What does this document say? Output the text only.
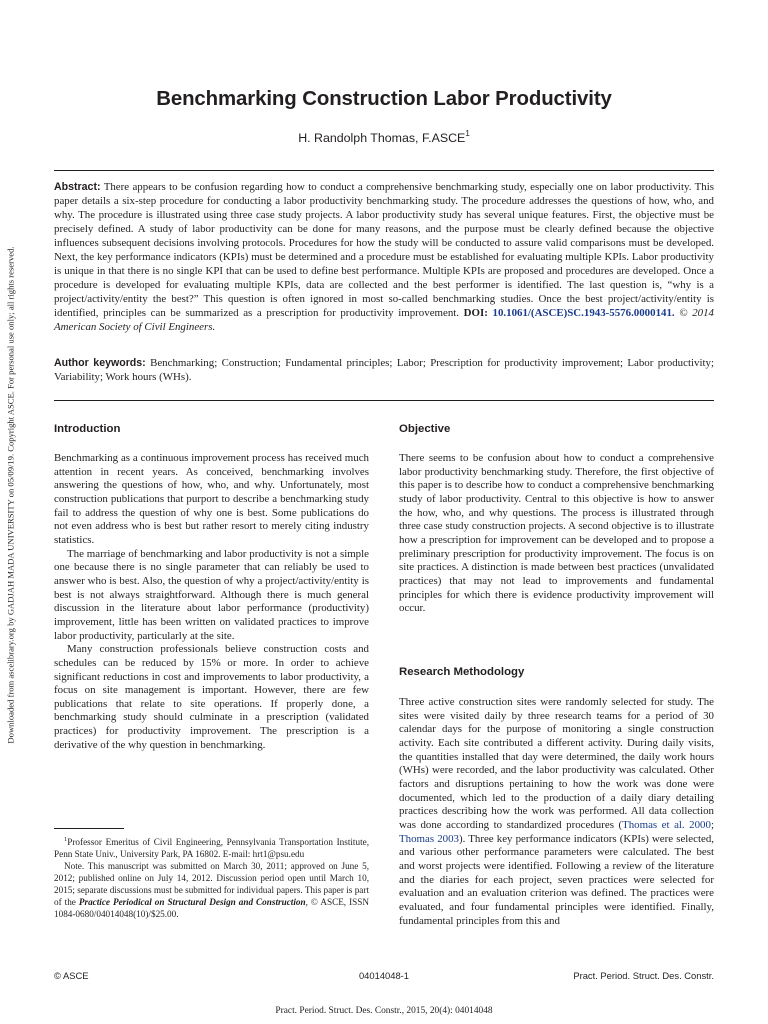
Downloaded from ascelibrary.org by GADJAH MADA UNIVERSITY on 05/09/19. Copyright ASCE. For personal use only; all rights reserved.
Benchmarking Construction Labor Productivity
H. Randolph Thomas, F.ASCE$^1$
Abstract: There appears to be confusion regarding how to conduct a comprehensive benchmarking study, especially one on labor productivity. This paper details a six-step procedure for conducting a labor productivity benchmarking study. The procedure addresses the questions of how, who, and why. The procedure is illustrated using three case study projects. A labor productivity study has several unique features. First, the objective must be precisely defined. A study of labor productivity can be done for many reasons, and the purpose must be clearly defined because the objective influences subsequent decisions involving protocols. Procedures for how the study will be conducted to assure valid comparisons must be developed. Next, the key performance indicators (KPIs) must be determined and a procedure must be established for evaluating multiple KPIs. Labor productivity is unique in that there is no single KPI that can be used to define best performance. Multiple KPIs are proposed and procedures are developed. Once a procedure is developed for evaluating multiple KPIs, data are collected and the best performer is identified. The last question is, “why is a project/activity/entity the best?” This question is often ignored in most so-called benchmarking studies. Once the best project/activity/entity is identified, principles can be summarized as a prescription for productivity improvement. DOI: 10.1061/(ASCE)SC.1943-5576.0000141. © 2014 American Society of Civil Engineers.
Author keywords: Benchmarking; Construction; Fundamental principles; Labor; Prescription for productivity improvement; Labor productivity; Variability; Work hours (WHs).
Introduction

Benchmarking as a continuous improvement process has received much attention in recent years. As conceived, benchmarking involves answering the questions of how, who, and why. Unfortunately, most construction publications that purport to describe a benchmarking study fail to address the question of why one is best. Some publications do not even address who is best but rather resort to merely citing industry statistics.

The marriage of benchmarking and labor productivity is not a simple one because there is no single parameter that can reliably be used to answer who is best. Also, the question of why a project/activity/entity is best is not always straightforward. Although there is much general discussion in the literature about labor performance (productivity) improvement, little has been written on validated practices to improve labor productivity, particularly at the site.

Many construction professionals believe construction costs and schedules can be reduced by 15% or more. In order to achieve significant reductions in cost and improvements to labor productivity, a focus on site management is important. However, there are few publications that relate to site operations. If properly done, a benchmarking study should culminate in a prescription (validated practices) for productivity improvement. The prescription is a derivative of the why question in benchmarking.

$^1$Professor Emeritus of Civil Engineering, Pennsylvania Transportation Institute, Penn State Univ., University Park, PA 16802. E-mail: hrt1@psu.edu

Note. This manuscript was submitted on March 30, 2011; approved on June 5, 2012; published online on July 14, 2012. Discussion period open until March 10, 2015; separate discussions must be submitted for individual papers. This paper is part of the Practice Periodical on Structural Design and Construction, © ASCE, ISSN 1084-0680/04014048(10)/$25.00.

Objective

There seems to be confusion about how to conduct a comprehensive labor productivity benchmarking study. Therefore, the first objective of this paper is to describe how to conduct a comprehensive benchmarking study of labor productivity. Central to this objective is how to answer the how, who, and why questions. The process is illustrated through three case study construction projects. A second objective is to illustrate how a prescription for improvement can be developed and to propose a preliminary prescription for productivity improvement. The focus is on site practices. A distinction is made between best practices (unvalidated practices) that may not lead to improvements and fundamental principles for which there is evidence productivity improvement will occur.

Research Methodology

Three active construction sites were randomly selected for study. The sites were visited daily by three research teams for a period of 30 calendar days for the purpose of monitoring a single construction activity. Each site contributed a different activity. During daily visits, the quantities installed that day were determined, the daily work hours (WHs) were recorded, and the labor productivity was calculated. Other factors and disruptions pertaining to how the work was done were documented, which led to the production of a daily diary detailing practices describing how the work was performed. All data collection was done according to standardized procedures (Thomas et al. 2000; Thomas 2003). Three key performance indicators (KPIs) were selected, and various other performance parameters were calculated. The best and worst projects were identified. Following a review of the literature and the diaries for each project, seven practices were selected for evaluation and an evaluation criterion was defined. The practices were evaluated, and four fundamental principles were identified. Finally, fundamental principles from this and

© ASCE	04014048-1	Pract. Period. Struct. Des. Constr.
Pract. Period. Struct. Des. Constr., 2015, 20(4): 04014048
